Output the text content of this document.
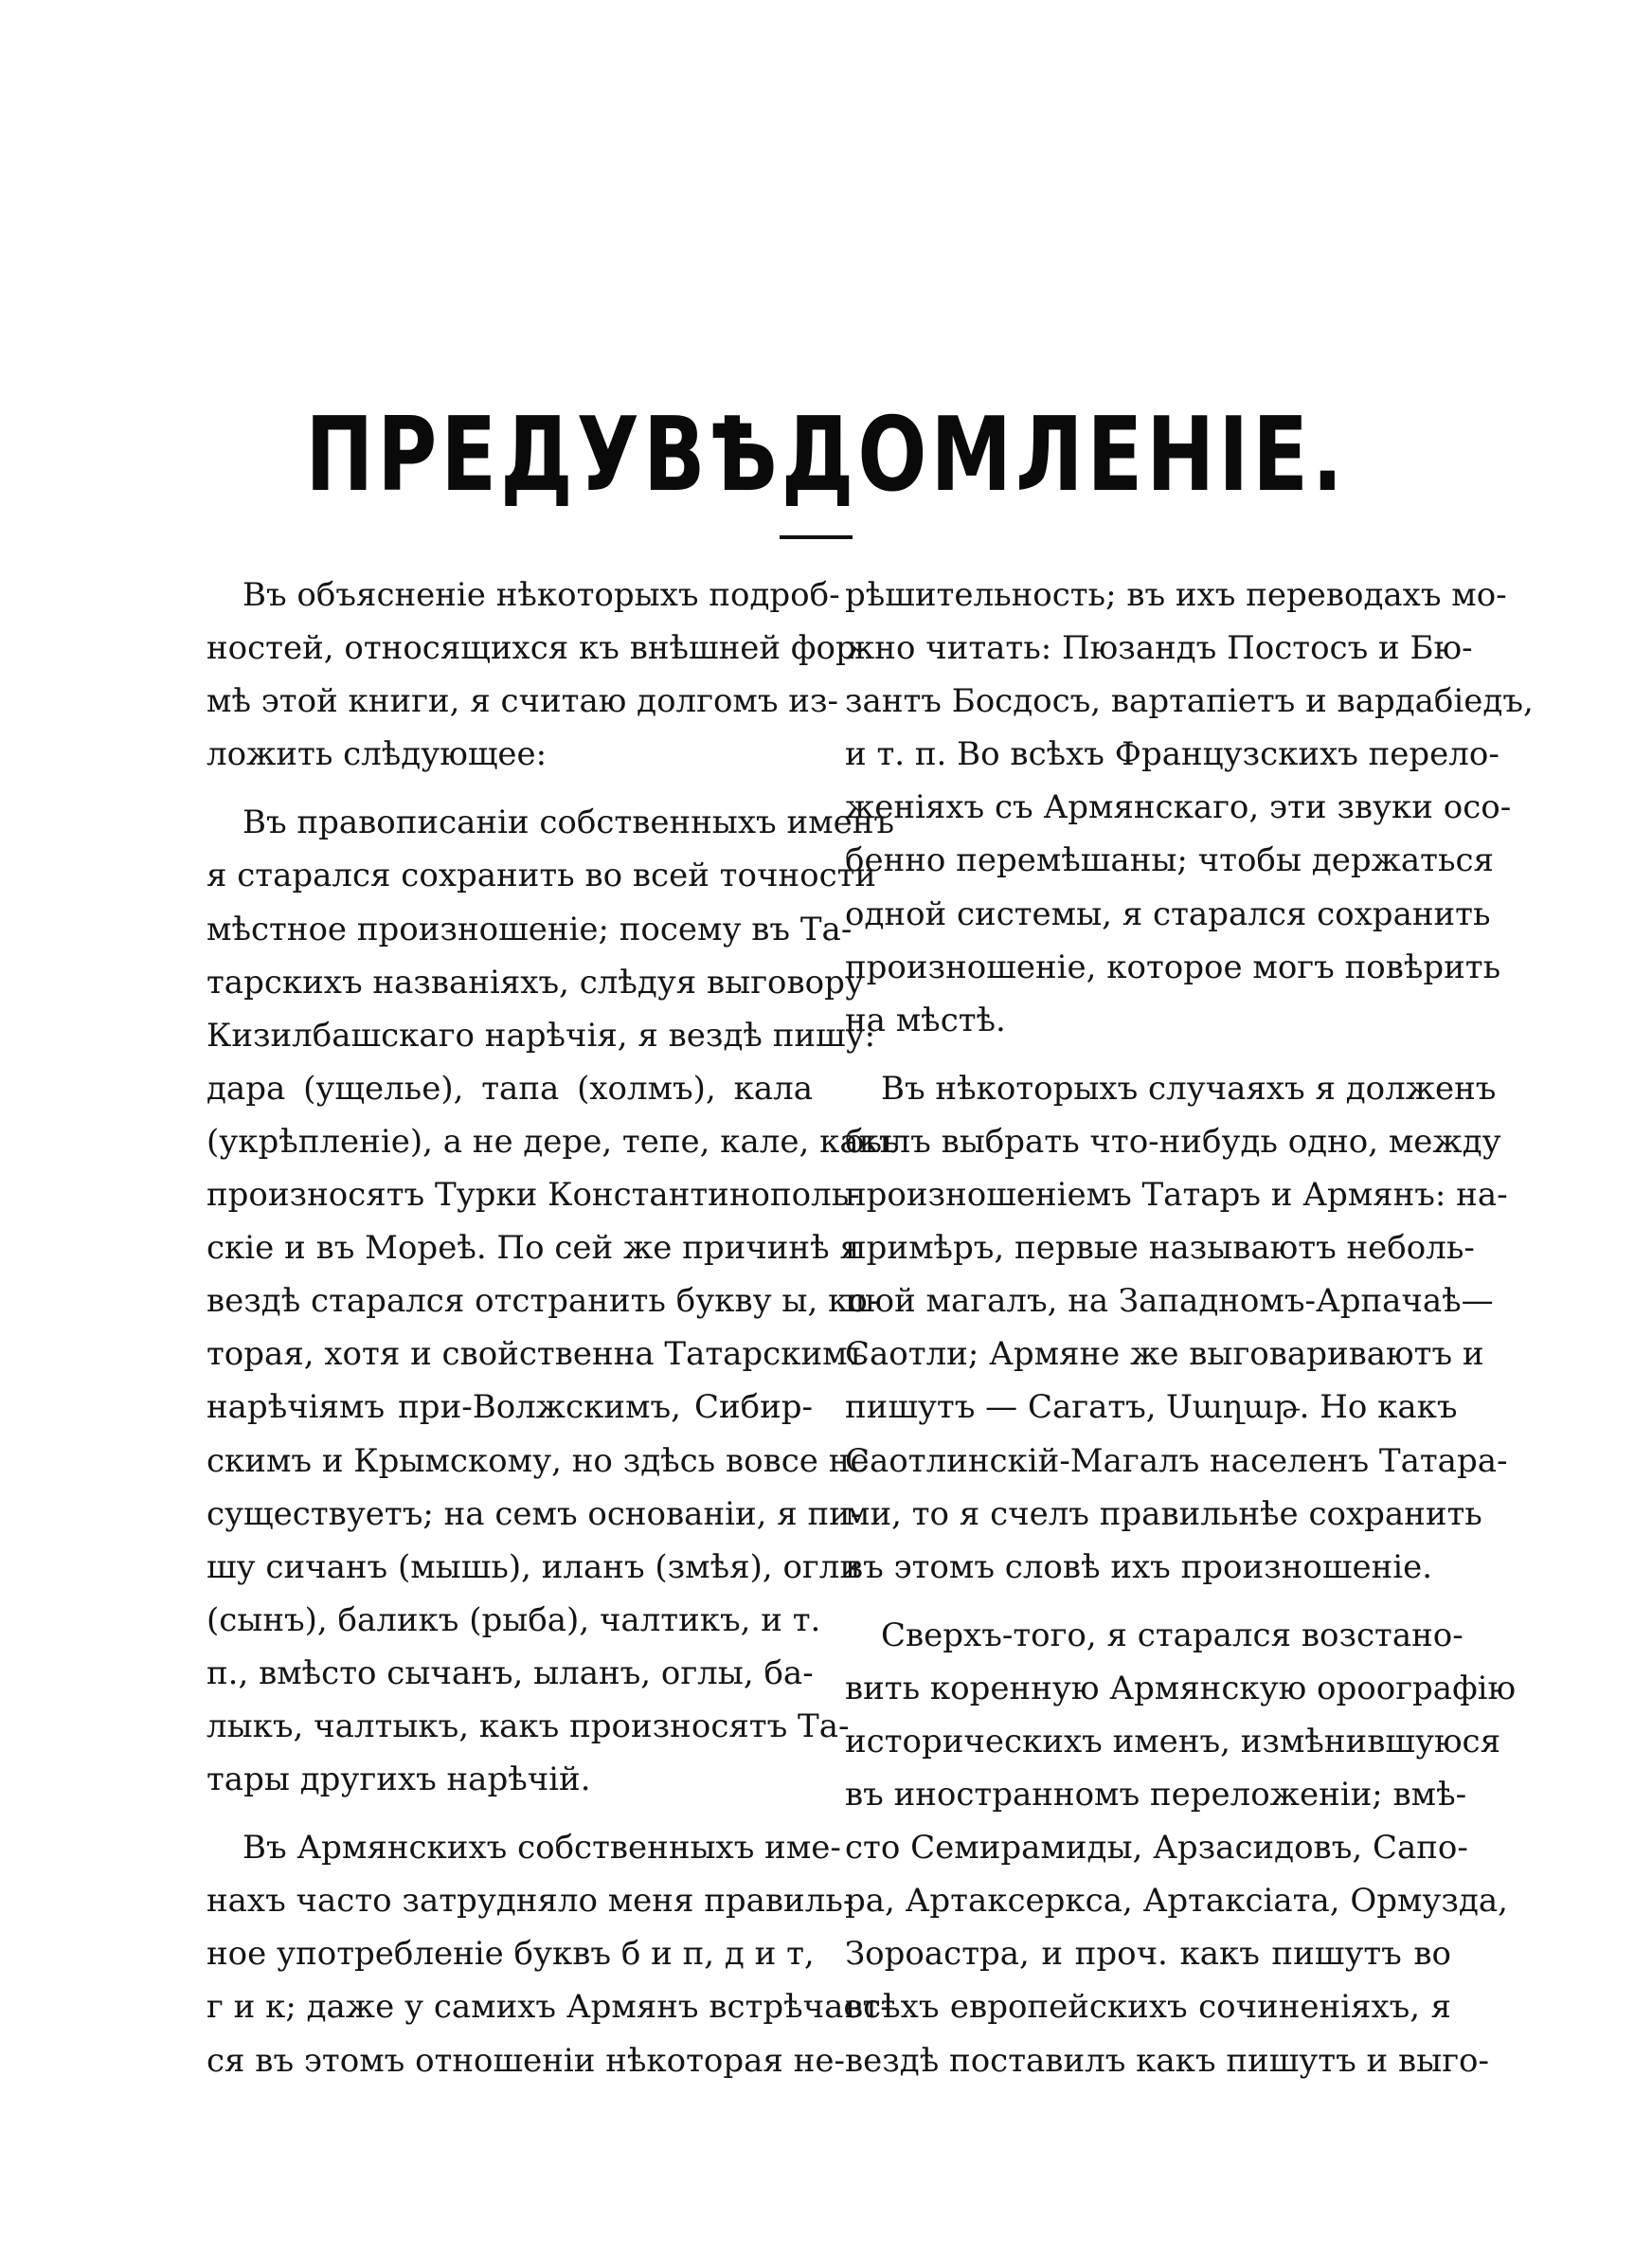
ПРЕДУВѢДОМЛЕНІЕ.
Въ объясненіе нѣкоторыхъ подроб-
ностей, относящихся къ внѣшней фор-
мѣ этой книги, я считаю долгомъ из-
ложить слѣдующее:
Въ правописаніи собственныхъ именъ
я старался сохранить во всей точности
мѣстное произношеніе; посему въ Та-
тарскихъ названіяхъ, слѣдуя выговору
Кизилбашскаго нарѣчія, я вездѣ пишу:
дара (ущелье), тапа (холмъ), кала
(укрѣпленіе), а не дере, тепе, кале, какъ
произносятъ Турки Константинополь-
скіе и въ Мореѣ. По сей же причинѣ я
вездѣ старался отстранить букву ы, ко-
торая, хотя и свойственна Татарскимъ
нарѣчіямъ при-Волжскимъ, Сибир-
скимъ и Крымскому, но здѣсь вовсе не
существуетъ; на семъ основаніи, я пи-
шу сичанъ (мышь), иланъ (змѣя), огли
(сынъ), баликъ (рыба), чалтикъ, и т.
п., вмѣсто сычанъ, ыланъ, оглы, ба-
лыкъ, чалтыкъ, какъ произносятъ Та-
тары другихъ нарѣчій.
Въ Армянскихъ собственныхъ име-
нахъ часто затрудняло меня правиль-
ное употребленіе буквъ б и п, д и т,
г и к; даже у самихъ Армянъ встрѣчает-
ся въ этомъ отношеніи нѣкоторая не-
рѣшительность; въ ихъ переводахъ мо-
жно читать: Пюзандъ Постосъ и Бю-
зантъ Босдосъ, вартапіетъ и вардабіедъ,
и т. п. Во всѣхъ Французскихъ перело-
женіяхъ съ Армянскаго, эти звуки осо-
бенно перемѣшаны; чтобы держаться
одной системы, я старался сохранить
произношеніе, которое могъ повѣрить
на мѣстѣ.
Въ нѣкоторыхъ случаяхъ я долженъ
былъ выбрать что-нибудь одно, между
произношеніемъ Татаръ и Армянъ: на-
примѣръ, первые называютъ неболь-
шой магалъ, на Западномъ-Арпачаѣ—
Саотли; Армяне же выговариваютъ и
пишутъ — Сагатъ, Սաղաթ. Но какъ
Саотлинскій-Магалъ населенъ Татара-
ми, то я счелъ правильнѣе сохранить
въ этомъ словѣ ихъ произношеніе.
Сверхъ-того, я старался возстано-
вить коренную Армянскую ороографію
историческихъ именъ, измѣнившуюся
въ иностранномъ переложеніи; вмѣ-
сто Семирамиды, Арзасидовъ, Сапо-
ра, Артаксеркса, Артаксіата, Ормузда,
Зороастра, и проч. какъ пишутъ во
всѣхъ европейскихъ сочиненіяхъ, я
вездѣ поставилъ какъ пишутъ и выго-
